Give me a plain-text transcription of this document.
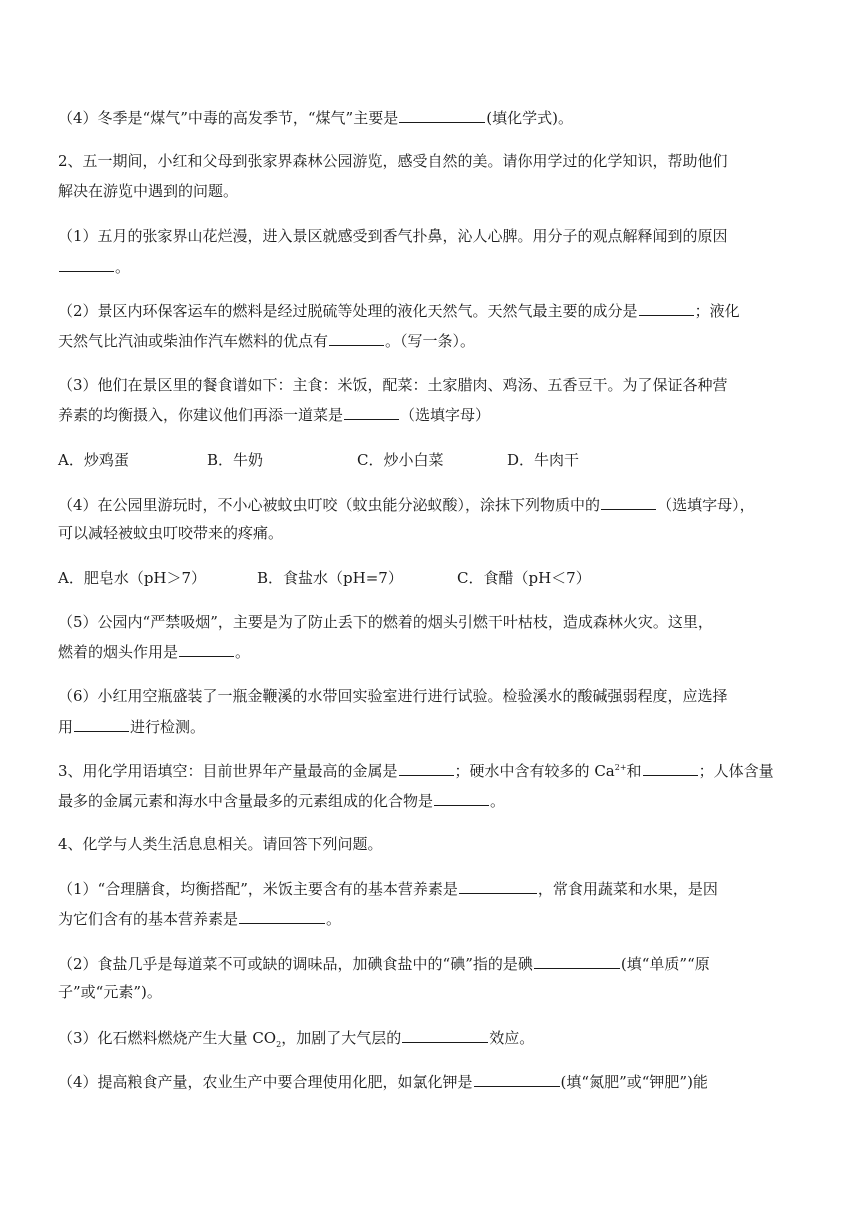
（4）冬季是“煤气”中毒的高发季节，“煤气”主要是	(填化学式)。
2、五一期间，小红和父母到张家界森林公园游览，感受自然的美。请你用学过的化学知识，帮助他们
解决在游览中遇到的问题。
（1）五月的张家界山花烂漫，进入景区就感受到香气扑鼻，沁人心脾。用分子的观点解释闻到的原因
。
（2）景区内环保客运车的燃料是经过脱硫等处理的液化天然气。天然气最主要的成分是	；液化
天然气比汽油或柴油作汽车燃料的优点有	。（写一条）。
（3）他们在景区里的餐食谱如下：主食：米饭，配菜：土家腊肉、鸡汤、五香豆干。为了保证各种营
养素的均衡摄入，你建议他们再添一道菜是	（选填字母）
A．炒鸡蛋	B．牛奶	C．炒小白菜	D．牛肉干
（4）在公园里游玩时，不小心被蚊虫叮咬（蚊虫能分泌蚁酸），涂抹下列物质中的	（选填字母），
可以减轻被蚊虫叮咬带来的疼痛。
A．肥皂水（pH＞7）	B．食盐水（pH=7）	C．食醋（pH＜7）
（5）公园内“严禁吸烟”，主要是为了防止丢下的燃着的烟头引燃干叶枯枝，造成森林火灾。这里，
燃着的烟头作用是	。
（6）小红用空瓶盛装了一瓶金鞭溪的水带回实验室进行进行试验。检验溪水的酸碱强弱程度，应选择
用	进行检测。
3、用化学用语填空：目前世界年产量最高的金属是	；硬水中含有较多的 $Ca^{2+}$和	；人体含量
最多的金属元素和海水中含量最多的元素组成的化合物是	。
4、化学与人类生活息息相关。请回答下列问题。
（1）“合理膳食，均衡搭配”，米饭主要含有的基本营养素是	，常食用蔬菜和水果，是因
为它们含有的基本营养素是	。
（2）食盐几乎是每道菜不可或缺的调味品，加碘食盐中的“碘”指的是碘	(填“单质”“原
子”或“元素”)。
（3）化石燃料燃烧产生大量 $CO_2$，加剧了大气层的	效应。
（4）提高粮食产量，农业生产中要合理使用化肥，如氯化钾是	(填“氮肥”或“钾肥”)能
